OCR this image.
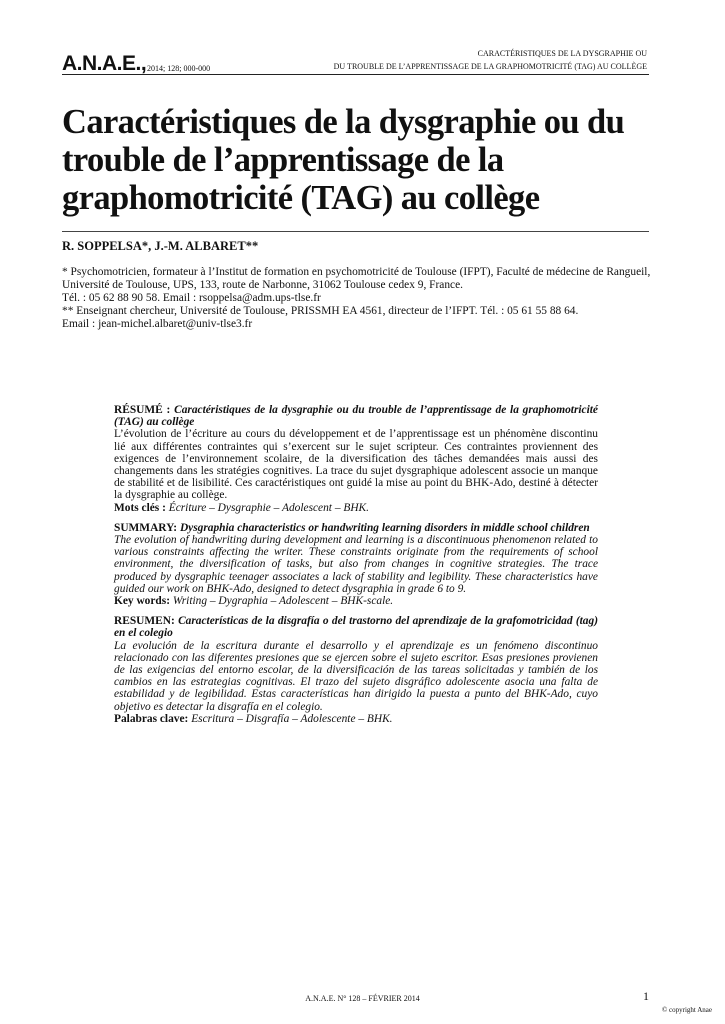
A.N.A.E., 2014; 128; 000-000
CARACTÉRISTIQUES DE LA DYSGRAPHIE OU
DU TROUBLE DE L’APPRENTISSAGE DE LA GRAPHOMOTRICITÉ (TAG) AU COLLÈGE
Caractéristiques de la dysgraphie ou du trouble de l’apprentissage de la graphomotricité (TAG) au collège
R. SOPPELSA*, J.-M. ALBARET**
* Psychomotricien, formateur à l’Institut de formation en psychomotricité de Toulouse (IFPT), Faculté de médecine de Rangueil, Université de Toulouse, UPS, 133, route de Narbonne, 31062 Toulouse cedex 9, France.
Tél. : 05 62 88 90 58. Email : rsoppelsa@adm.ups-tlse.fr
** Enseignant chercheur, Université de Toulouse, PRISSMH EA 4561, directeur de l’IFPT. Tél. : 05 61 55 88 64.
Email : jean-michel.albaret@univ-tlse3.fr

RÉSUMÉ : Caractéristiques de la dysgraphie ou du trouble de l’apprentissage de la graphomotricité (TAG) au collège

L’évolution de l’écriture au cours du développement et de l’apprentissage est un phénomène discontinu lié aux différentes contraintes qui s’exercent sur le sujet scripteur. Ces contraintes proviennent des exigences de l’environnement scolaire, de la diversification des tâches demandées mais aussi des changements dans les stratégies cognitives. La trace du sujet dysgraphique adolescent associe un manque de stabilité et de lisibilité. Ces caractéristiques ont guidé la mise au point du BHK-Ado, destiné à détecter la dysgraphie au collège.

Mots clés : Écriture – Dysgraphie – Adolescent – BHK.

SUMMARY: Dysgraphia characteristics or handwriting learning disorders in middle school children

The evolution of handwriting during development and learning is a discontinuous phenomenon related to various constraints affecting the writer. These constraints originate from the requirements of school environment, the diversification of tasks, but also from changes in cognitive strategies. The trace produced by dysgraphic teenager associates a lack of stability and legibility. These characteristics have guided our work on BHK-Ado, designed to detect dysgraphia in grade 6 to 9.

Key words: Writing – Dygraphia – Adolescent – BHK-scale.

RESUMEN: Características de la disgrafía o del trastorno del aprendizaje de la grafomotricidad (tag) en el colegio

La evolución de la escritura durante el desarrollo y el aprendizaje es un fenómeno discontinuo relacionado con las diferentes presiones que se ejercen sobre el sujeto escritor. Esas presiones provienen de las exigencias del entorno escolar, de la diversificación de las tareas solicitadas y también de los cambios en las estrategias cognitivas. El trazo del sujeto disgráfico adolescente asocia una falta de estabilidad y de legibilidad. Estas características han dirigido la puesta a punto del BHK-Ado, cuyo objetivo es detectar la disgrafía en el colegio.

Palabras clave: Escritura – Disgrafía – Adolescente – BHK.

A.N.A.E. N° 128 – FÉVRIER 2014	1
© copyright Anae
